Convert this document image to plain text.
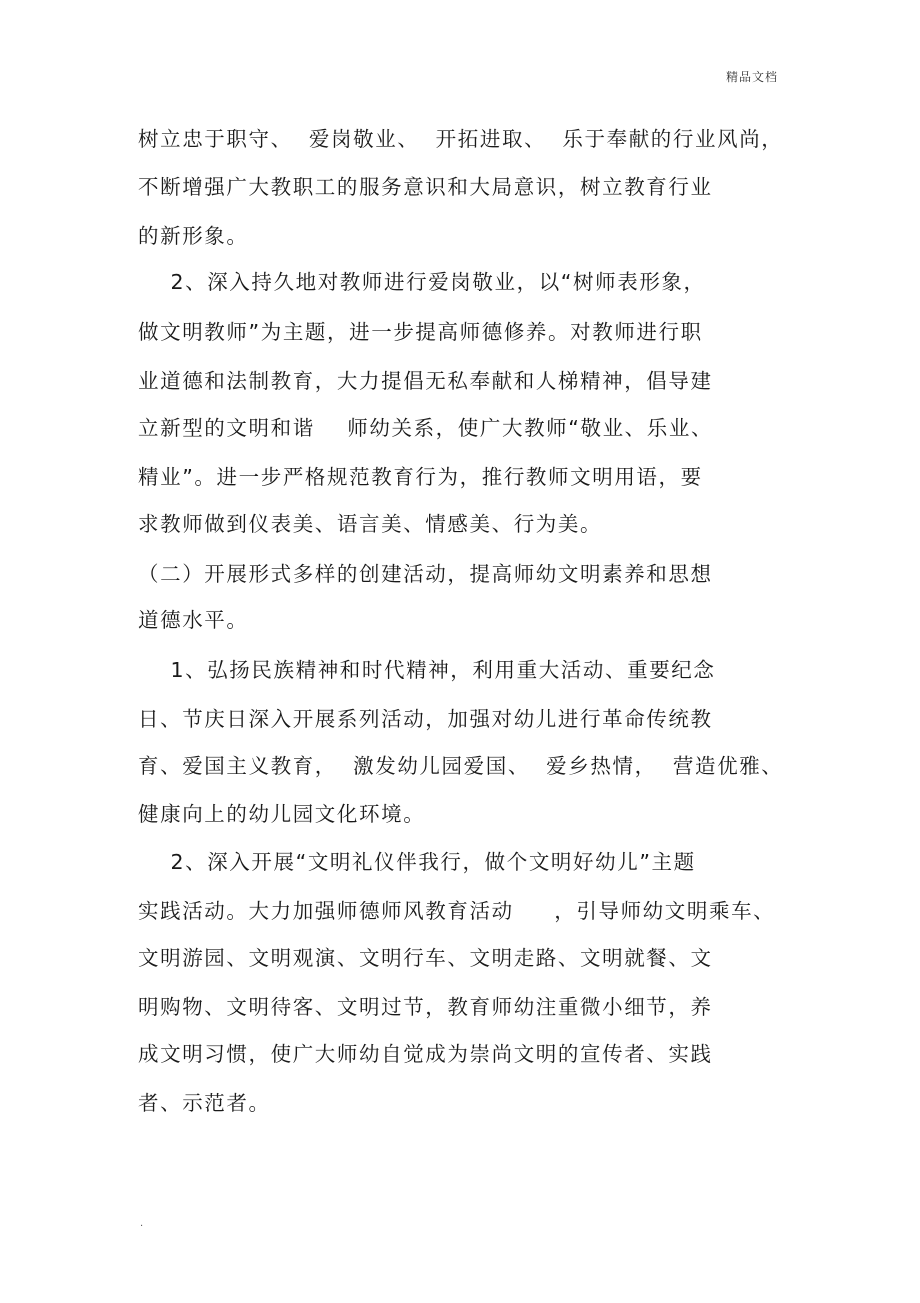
精品文档
树立忠于职守、  爱岗敬业、  开拓进取、  乐于奉献的行业风尚，
不断增强广大教职工的服务意识和大局意识，树立教育行业
的新形象。
2、深入持久地对教师进行爱岗敬业，以“树师表形象，
做文明教师”为主题，进一步提高师德修养。对教师进行职
业道德和法制教育，大力提倡无私奉献和人梯精神，倡导建
立新型的文明和谐    师幼关系，使广大教师“敬业、乐业、
精业”。进一步严格规范教育行为，推行教师文明用语，要
求教师做到仪表美、语言美、情感美、行为美。
（二）开展形式多样的创建活动，提高师幼文明素养和思想
道德水平。
1、弘扬民族精神和时代精神，利用重大活动、重要纪念
日、节庆日深入开展系列活动，加强对幼儿进行革命传统教
育、爱国主义教育，  激发幼儿园爱国、  爱乡热情，  营造优雅、
健康向上的幼儿园文化环境。
2、深入开展“文明礼仪伴我行，做个文明好幼儿”主题
实践活动。大力加强师德师风教育活动     ，引导师幼文明乘车、
文明游园、文明观演、文明行车、文明走路、文明就餐、文
明购物、文明待客、文明过节，教育师幼注重微小细节，养
成文明习惯，使广大师幼自觉成为崇尚文明的宣传者、实践
者、示范者。
.
